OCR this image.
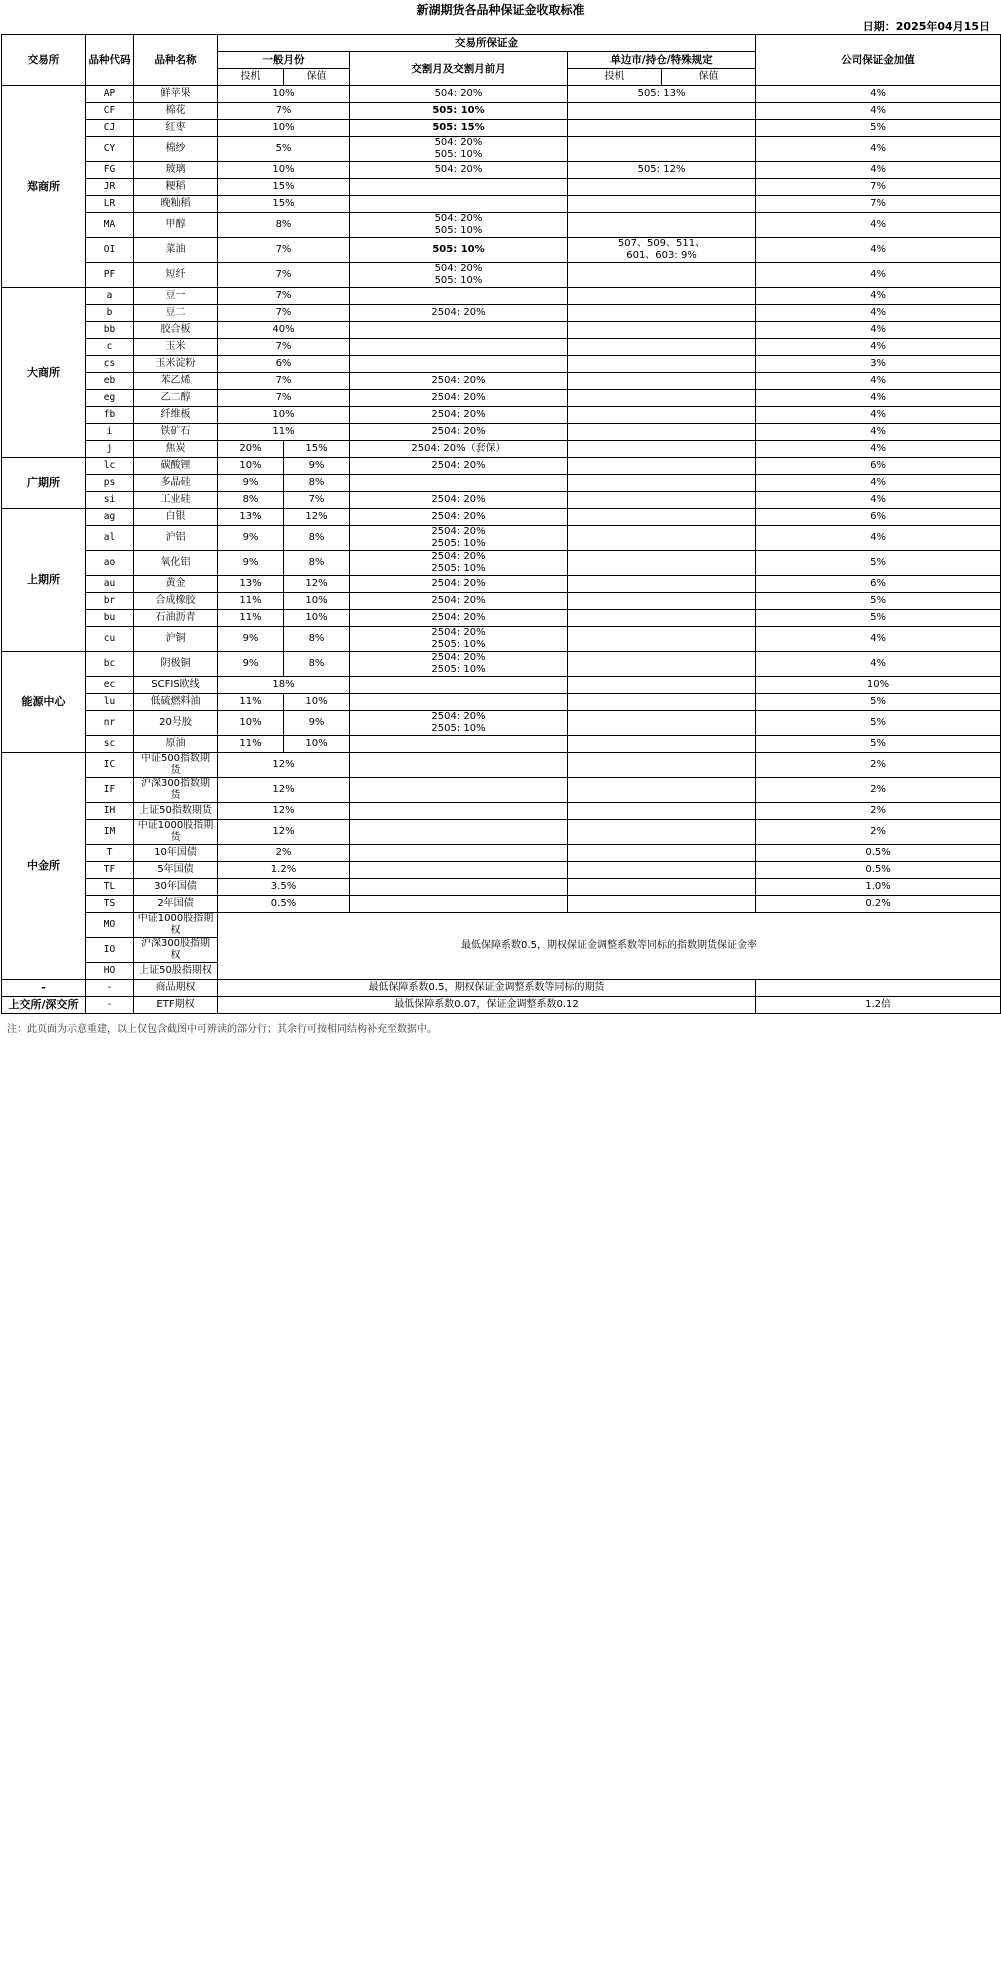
新湖期货各品种保证金收取标准
日期：2025年04月15日
交易所	品种代码	品种名称	交易所保证金					公司保证金加值
			一般月份		交割月及交割月前月	单边市/持仓/特殊规定		
			投机	保值		投机	保值	
郑商所	AP	鲜苹果	10%		504: 20%	505: 13%		4%
	CF	棉花	7%		505: 10%			4%
	CJ	红枣	10%		505: 15%			5%
	CY	棉纱	5%		504: 20%
505: 10%			4%
	FG	玻璃	10%		504: 20%	505: 12%		4%
	JR	粳稻	15%					7%
	LR	晚籼稻	15%					7%
	MA	甲醇	8%		504: 20%
505: 10%			4%
	OI	菜油	7%		505: 10%	507、509、511、
601、603: 9%		4%
	PF	短纤	7%		504: 20%
505: 10%			4%
大商所	a	豆一	7%					4%
	b	豆二	7%		2504: 20%			4%
	bb	胶合板	40%					4%
	c	玉米	7%					4%
	cs	玉米淀粉	6%					3%
	eb	苯乙烯	7%		2504: 20%			4%
	eg	乙二醇	7%		2504: 20%			4%
	fb	纤维板	10%		2504: 20%			4%
	i	铁矿石	11%		2504: 20%			4%
	j	焦炭	20%	15%	2504: 20%（套保）			4%
广期所	lc	碳酸锂	10%	9%	2504: 20%			6%
	ps	多晶硅	9%	8%				4%
	si	工业硅	8%	7%	2504: 20%			4%
上期所	ag	白银	13%	12%	2504: 20%			6%
	al	沪铝	9%	8%	2504: 20%
2505: 10%			4%
	ao	氧化铝	9%	8%	2504: 20%
2505: 10%			5%
	au	黄金	13%	12%	2504: 20%			6%
	br	合成橡胶	11%	10%	2504: 20%			5%
	bu	石油沥青	11%	10%	2504: 20%			5%
	cu	沪铜	9%	8%	2504: 20%
2505: 10%			4%
能源中心	bc	阴极铜	9%	8%	2504: 20%
2505: 10%			4%
	ec	SCFIS欧线	18%					10%
	lu	低硫燃料油	11%	10%				5%
	nr	20号胶	10%	9%	2504: 20%
2505: 10%			5%
	sc	原油	11%	10%				5%
中金所	IC	中证500指数期货	12%					2%
	IF	沪深300指数期货	12%					2%
	IH	上证50指数期货	12%					2%
	IM	中证1000股指期货	12%					2%
	T	10年国债	2%					0.5%
	TF	5年国债	1.2%					0.5%
	TL	30年国债	3.5%					1.0%
	TS	2年国债	0.5%					0.2%
	MO	中证1000股指期权	最低保障系数0.5，期权保证金调整系数等同标的指数期货保证金率					
	IO	沪深300股指期权						
	HO	上证50股指期权						
-	-	商品期权	最低保障系数0.5，期权保证金调整系数等同标的期货					
上交所/深交所	-	ETF期权	最低保障系数0.07，保证金调整系数0.12					1.2倍
注：此页面为示意重建，以上仅包含截图中可辨读的部分行；其余行可按相同结构补充至数据中。
